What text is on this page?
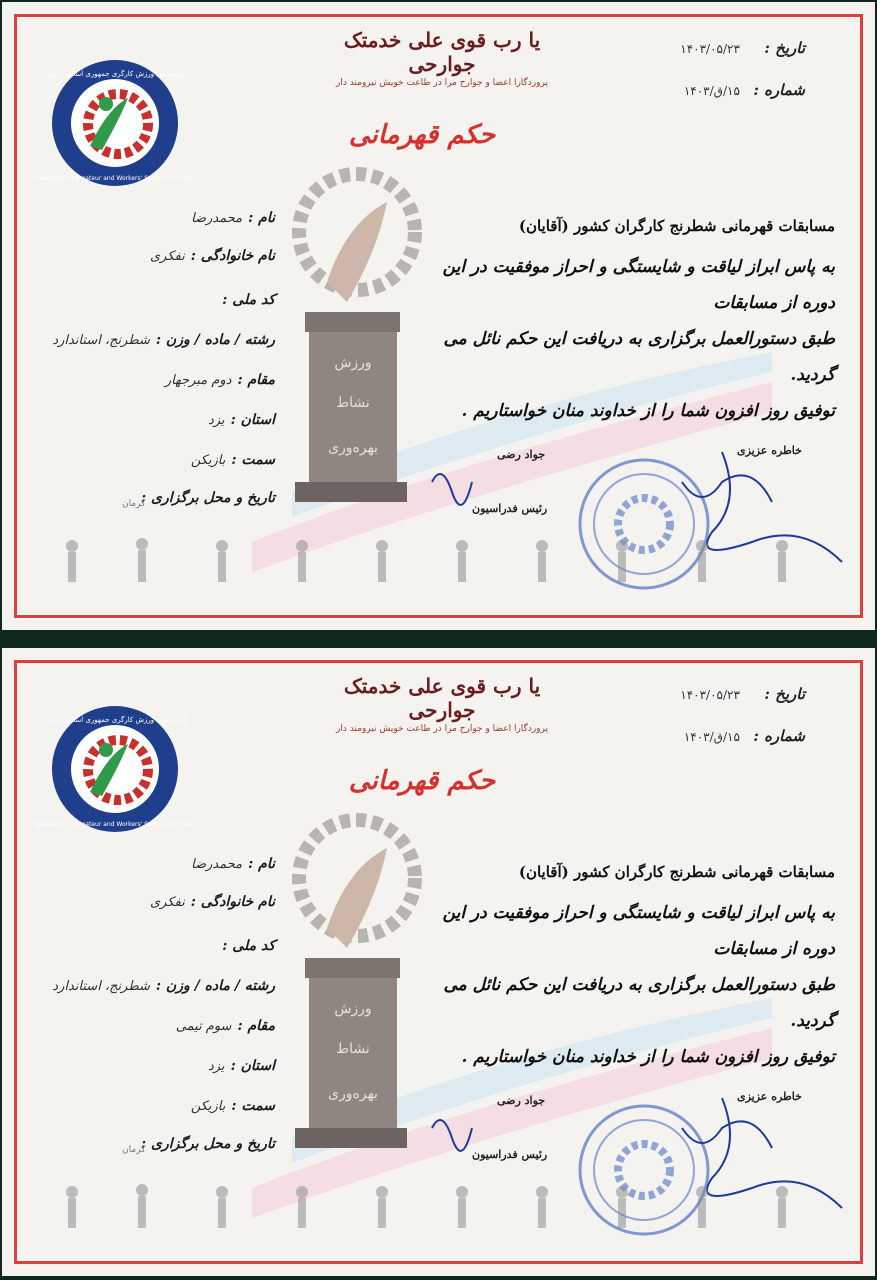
یا رب قوی علی خدمتک جوارحی
پروردگارا اعضا و جوارح مرا در طاعت خویش نیرومند دار
تاریخ : ۱۴۰۳/۰۵/۲۳
شماره : ۱۵/ق/۱۴۰۳
فدراسیون ورزش کارگری جمهوری اسلامی ایران
Federation of Amateur and Workers' Sports of I.R. Iran
حکم قهرمانی
ورزش
نشاط
بهره‌وری
نام :محمدرضا
نام خانوادگی :نفکری
کد ملی :
رشته / ماده / وزن :شطرنج، استاندارد
مقام :دوم مبرجهار
استان :یزد
سمت :بازیکن
تاریخ و محل برگزاری :
کرمان
مسابقات قهرمانی شطرنج کارگران کشور (آقایان)
به پاس ابراز لیاقت و شایستگی و احراز موفقیت در این دوره از مسابقات
طبق دستورالعمل برگزاری به دریافت این حکم نائل می گردید.
توفیق روز افزون شما را از خداوند منان خواستاریم .
جواد رضی
رئیس فدراسیون
خاطره عزیزی
یا رب قوی علی خدمتک جوارحی
پروردگارا اعضا و جوارح مرا در طاعت خویش نیرومند دار
تاریخ : ۱۴۰۳/۰۵/۲۳
شماره : ۱۵/ق/۱۴۰۳
فدراسیون ورزش کارگری جمهوری اسلامی ایران
Federation of Amateur and Workers' Sports of I.R. Iran
حکم قهرمانی
ورزش
نشاط
بهره‌وری
نام :محمدرضا
نام خانوادگی :نفکری
کد ملی :
رشته / ماده / وزن :شطرنج، استاندارد
مقام :سوم تیمی
استان :یزد
سمت :بازیکن
تاریخ و محل برگزاری :
کرمان
مسابقات قهرمانی شطرنج کارگران کشور (آقایان)
به پاس ابراز لیاقت و شایستگی و احراز موفقیت در این دوره از مسابقات
طبق دستورالعمل برگزاری به دریافت این حکم نائل می گردید.
توفیق روز افزون شما را از خداوند منان خواستاریم .
جواد رضی
رئیس فدراسیون
خاطره عزیزی
